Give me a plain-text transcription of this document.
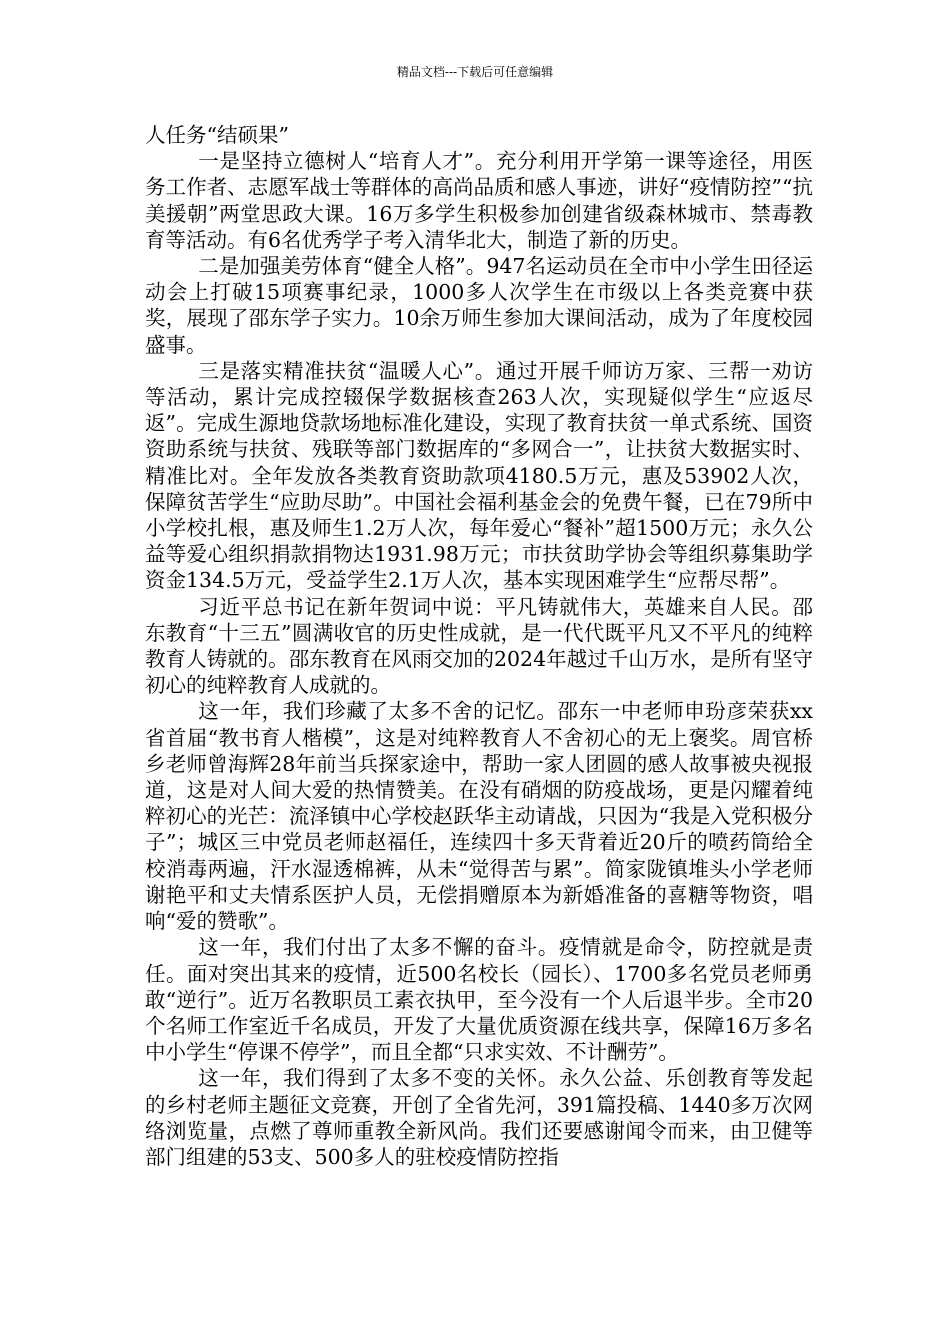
精品文档---下载后可任意编辑

人任务“结硕果”

一是坚持立德树人“培育人才”。充分利用开学第一课等途径，用医务工作者、志愿军战士等群体的高尚品质和感人事迹，讲好“疫情防控”“抗美援朝”两堂思政大课。16万多学生积极参加创建省级森林城市、禁毒教育等活动。有6名优秀学子考入清华北大，制造了新的历史。

二是加强美劳体育“健全人格”。947名运动员在全市中小学生田径运动会上打破15项赛事纪录，1000多人次学生在市级以上各类竞赛中获奖，展现了邵东学子实力。10余万师生参加大课间活动，成为了年度校园盛事。

三是落实精准扶贫“温暖人心”。通过开展千师访万家、三帮一劝访等活动，累计完成控辍保学数据核查263人次，实现疑似学生“应返尽返”。完成生源地贷款场地标准化建设，实现了教育扶贫一单式系统、国资资助系统与扶贫、残联等部门数据库的“多网合一”，让扶贫大数据实时、精准比对。全年发放各类教育资助款项4180.5万元，惠及53902人次，保障贫苦学生“应助尽助”。中国社会福利基金会的免费午餐，已在79所中小学校扎根，惠及师生1.2万人次，每年爱心“餐补”超1500万元；永久公益等爱心组织捐款捐物达1931.98万元；市扶贫助学协会等组织募集助学资金134.5万元，受益学生2.1万人次，基本实现困难学生“应帮尽帮”。

习近平总书记在新年贺词中说：平凡铸就伟大，英雄来自人民。邵东教育“十三五”圆满收官的历史性成就，是一代代既平凡又不平凡的纯粹教育人铸就的。邵东教育在风雨交加的2024年越过千山万水，是所有坚守初心的纯粹教育人成就的。

这一年，我们珍藏了太多不舍的记忆。邵东一中老师申玢彦荣获xx省首届“教书育人楷模”，这是对纯粹教育人不舍初心的无上褒奖。周官桥乡老师曾海辉28年前当兵探家途中，帮助一家人团圆的感人故事被央视报道，这是对人间大爱的热情赞美。在没有硝烟的防疫战场，更是闪耀着纯粹初心的光芒：流泽镇中心学校赵跃华主动请战，只因为“我是入党积极分子”；城区三中党员老师赵福任，连续四十多天背着近20斤的喷药筒给全校消毒两遍，汗水湿透棉裤，从未“觉得苦与累”。简家陇镇堆头小学老师谢艳平和丈夫情系医护人员，无偿捐赠原本为新婚准备的喜糖等物资，唱响“爱的赞歌”。

这一年，我们付出了太多不懈的奋斗。疫情就是命令，防控就是责任。面对突出其来的疫情，近500名校长（园长）、1700多名党员老师勇敢“逆行”。近万名教职员工素衣执甲，至今没有一个人后退半步。全市20个名师工作室近千名成员，开发了大量优质资源在线共享，保障16万多名中小学生“停课不停学”，而且全都“只求实效、不计酬劳”。

这一年，我们得到了太多不变的关怀。永久公益、乐创教育等发起的乡村老师主题征文竞赛，开创了全省先河，391篇投稿、1440多万次网络浏览量，点燃了尊师重教全新风尚。我们还要感谢闻令而来，由卫健等部门组建的53支、500多人的驻校疫情防控指
